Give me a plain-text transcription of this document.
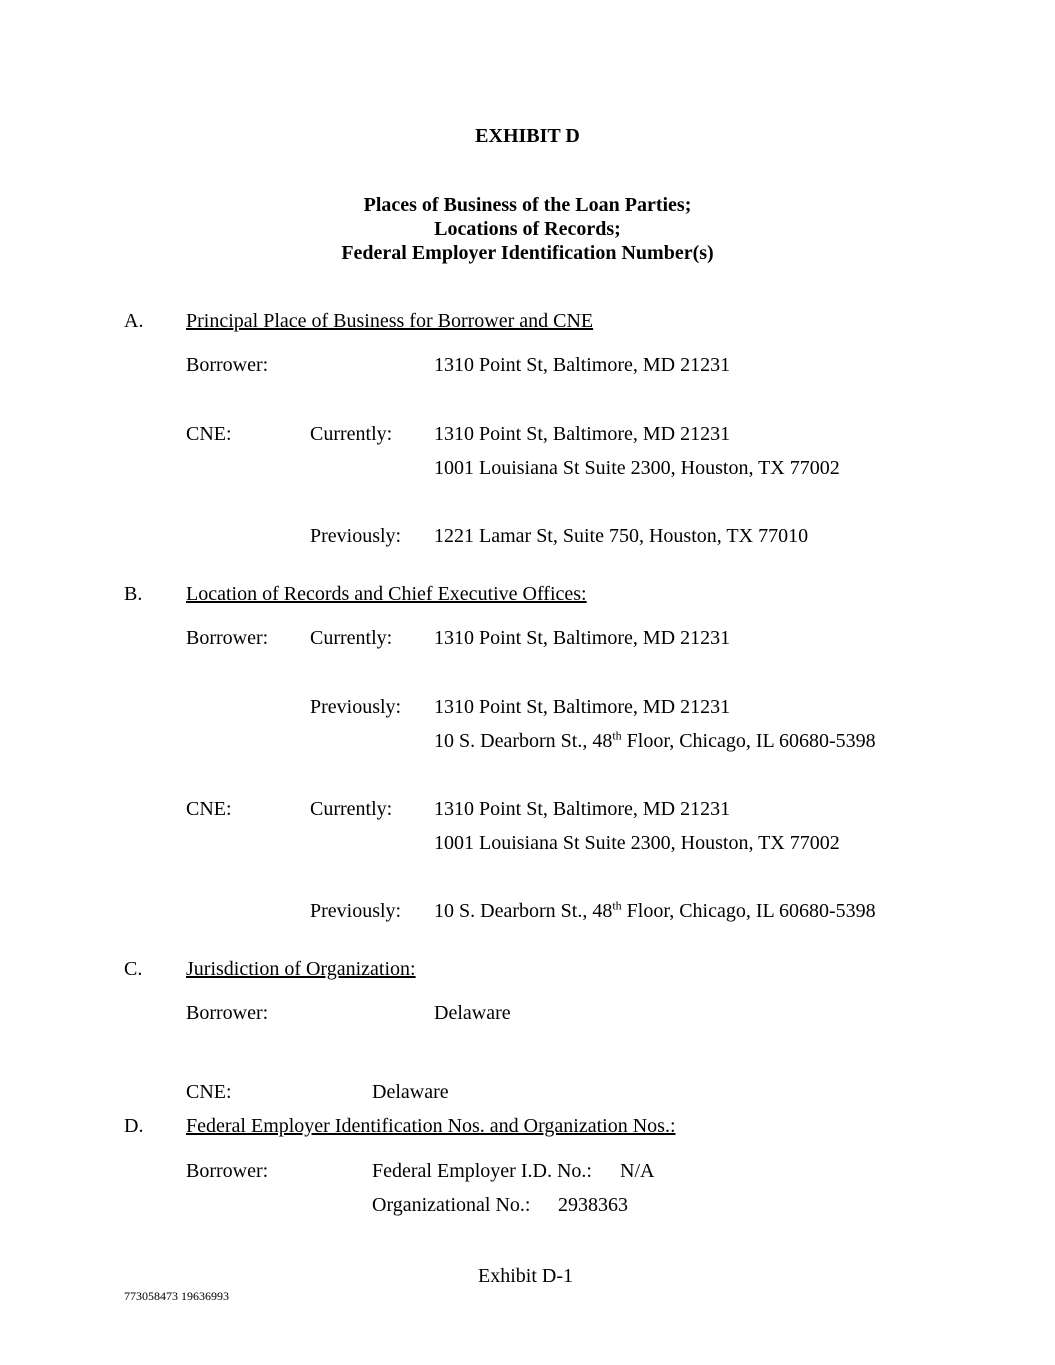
EXHIBIT D
Places of Business of the Loan Parties;
Locations of Records;
Federal Employer Identification Number(s)
A. Principal Place of Business for Borrower and CNE
Borrower:	1310 Point St, Baltimore, MD 21231
CNE:	Currently: 1310 Point St, Baltimore, MD 21231
1001 Louisiana St Suite 2300, Houston, TX 77002
Previously: 1221 Lamar St, Suite 750, Houston, TX 77010
B. Location of Records and Chief Executive Offices:
Borrower: Currently: 1310 Point St, Baltimore, MD 21231
Previously: 1310 Point St, Baltimore, MD 21231
10 S. Dearborn St., 48th Floor, Chicago, IL 60680-5398
CNE:	Currently: 1310 Point St, Baltimore, MD 21231
1001 Louisiana St Suite 2300, Houston, TX 77002
Previously: 10 S. Dearborn St., 48th Floor, Chicago, IL 60680-5398
C. Jurisdiction of Organization:
Borrower:	Delaware
CNE:	Delaware
D. Federal Employer Identification Nos. and Organization Nos.:
Borrower:	Federal Employer I.D. No.: N/A
Organizational No.: 2938363
Exhibit D-1
773058473 19636993
